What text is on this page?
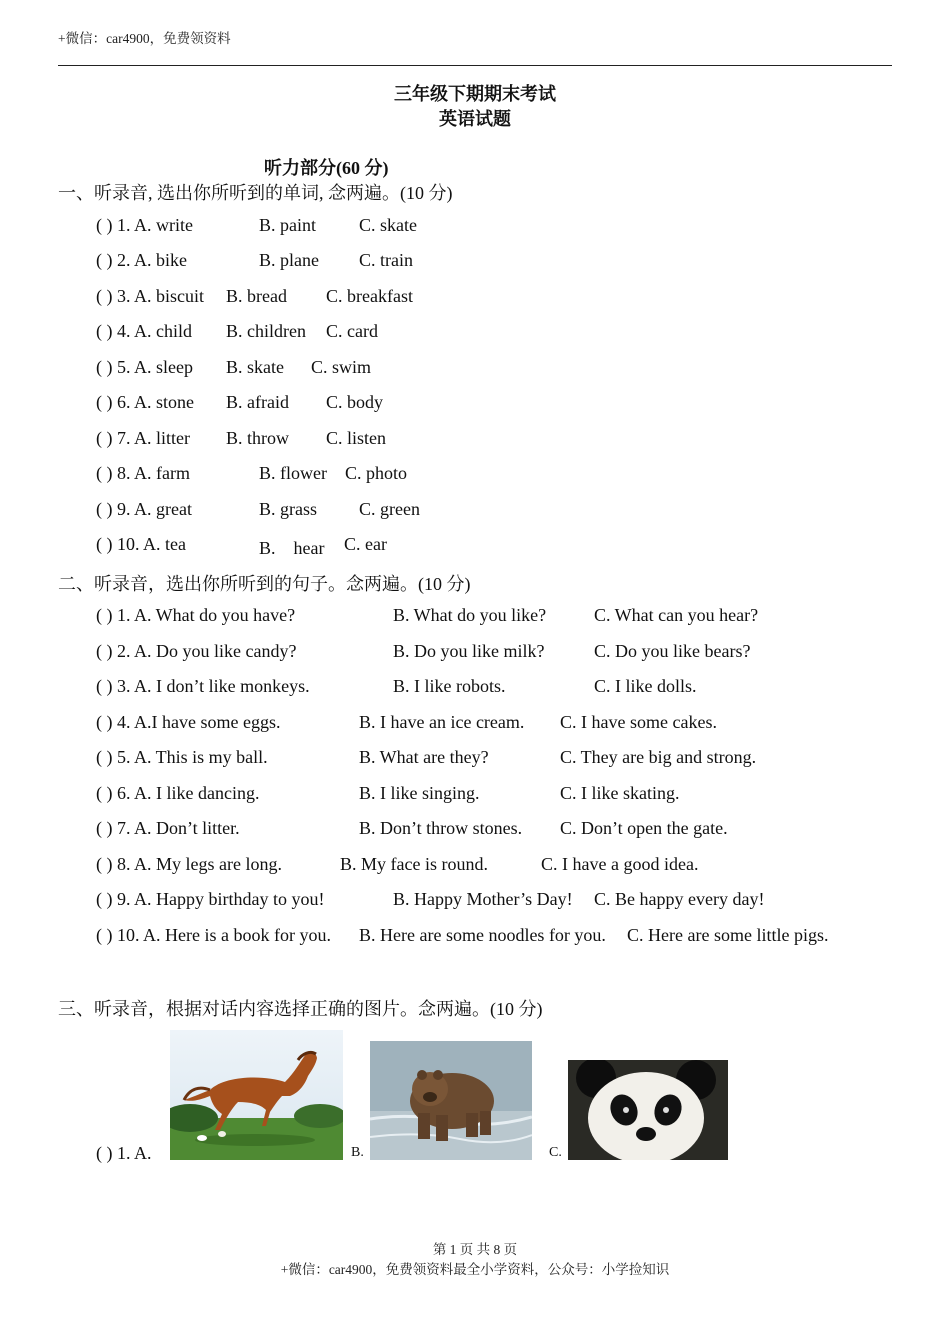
+微信：car4900，免费领资料
三年级下期期末考试
英语试题
听力部分(60 分)
一、听录音, 选出你所听到的单词, 念两遍。(10 分)
( ) 1. A. write	B. paint C. skate
( ) 2. A. bike	B. plane C. train
( ) 3. A. biscuit B. bread C. breakfast
( ) 4. A. child B. children C. card
( ) 5. A. sleep B. skate C. swim
( ) 6. A. stone B. afraid C. body
( ) 7. A. litter B. throw C. listen
( ) 8. A. farm	B. flower C. photo
( ) 9. A. great	B. grass C. green
( ) 10. A. tea	B.　hear C. ear
二、听录音，选出你所听到的句子。念两遍。(10 分)
( ) 1. A. What do you have?	B. What do you like?	C. What can you hear?
( ) 2. A. Do you like candy?	B. Do you like milk?	C. Do you like bears?
( ) 3. A. I don’t like monkeys.	B. I like robots.	C. I like dolls.
( ) 4. A.I have some eggs.	B. I have an ice cream. C. I have some cakes.
( ) 5. A. This is my ball.	B. What are they?	C. They are big and strong.
( ) 6. A. I like dancing.	B. I like singing.	C. I like skating.
( ) 7. A. Don’t litter.	B. Don’t throw stones. C. Don’t open the gate.
( ) 8. A. My legs are long.	B. My face is round.	C. I have a good idea.
( ) 9. A. Happy birthday to you!	B. Happy Mother’s Day! C. Be happy every day!
( ) 10. A. Here is a book for you. B. Here are some noodles for you. C. Here are some little pigs.
三、听录音，根据对话内容选择正确的图片。念两遍。(10 分)
( ) 1. A.	B.	C.
第 1 页 共 8 页
+微信：car4900，免费领资料最全小学资料，公众号：小学捡知识
